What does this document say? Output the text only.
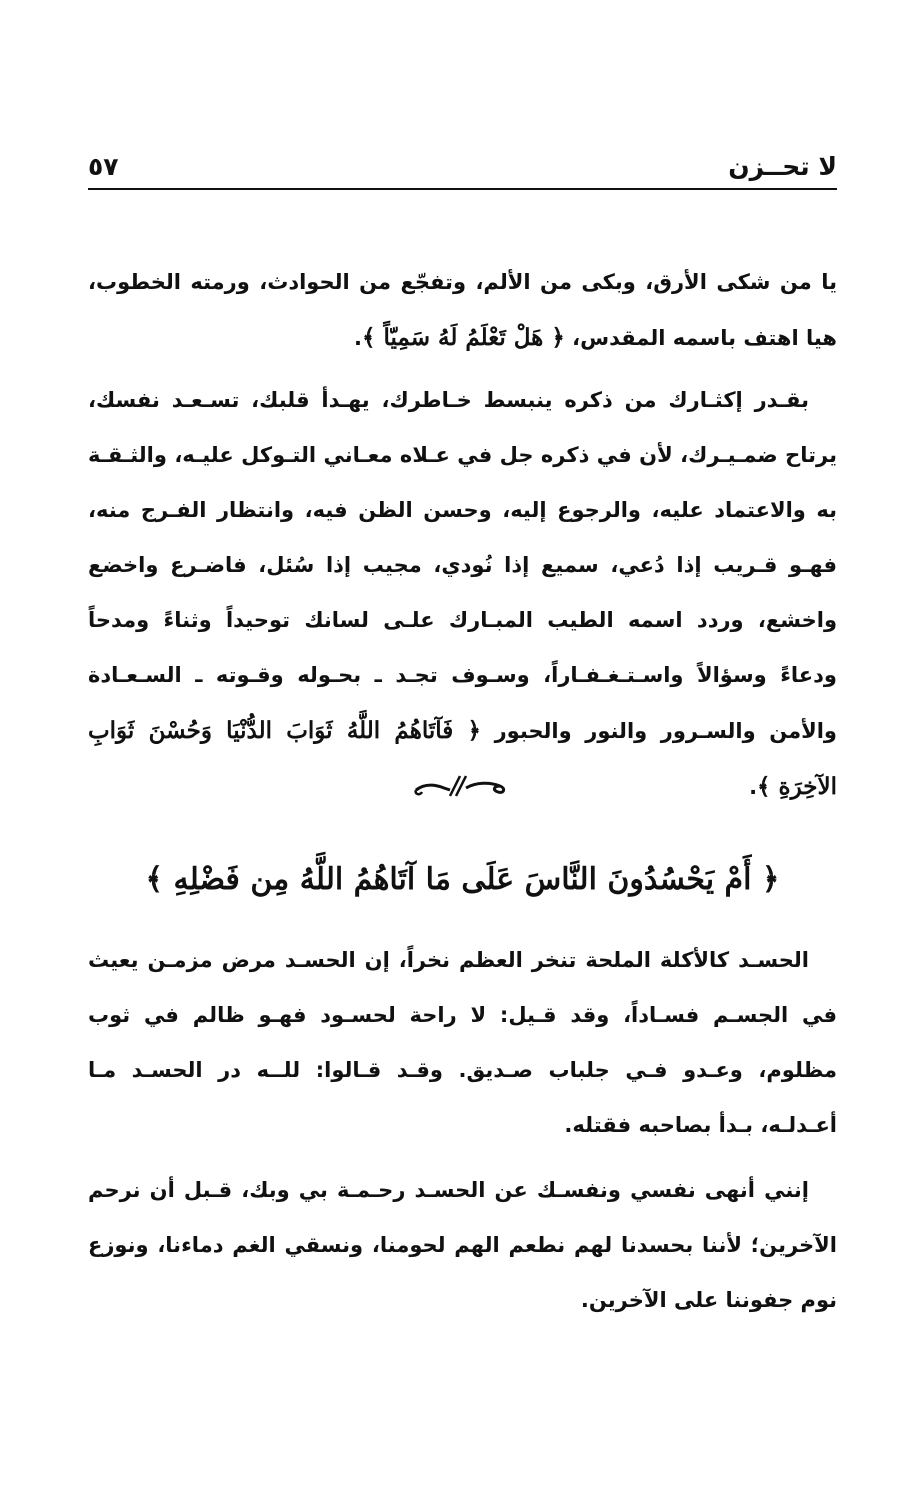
لا تحــزن
٥٧
يا من شكى الأرق، وبكى من الألم، وتفجّع من الحوادث، ورمته الخطوب، هيا اهتف باسمه المقدس، ﴿ هَلْ تَعْلَمُ لَهُ سَمِيّاً ﴾.
بقـدر إكثـارك من ذكره ينبسط خـاطرك، يهـدأ قلبك، تسـعـد نفسك، يرتاح ضمـيـرك، لأن في ذكره جل في عـلاه معـاني التـوكل عليـه، والثـقـة به والاعتماد عليه، والرجوع إليه، وحسن الظن فيه، وانتظار الفـرج منه، فهـو قـريب إذا دُعي، سميع إذا نُودي، مجيب إذا سُئل، فاضـرع واخضع واخشع، وردد اسمه الطيب المبـارك علـى لسانك توحيداً وثناءً ومدحاً ودعاءً وسؤالاً واسـتـغـفـاراً، وسـوف تجـد ـ بحـوله وقـوته ـ السـعـادة والأمن والسـرور والنور والحبور ﴿ فَآتَاهُمُ اللَّهُ ثَوَابَ الدُّنْيَا وَحُسْنَ ثَوَابِ الآخِرَةِ ﴾.
﴿ أَمْ يَحْسُدُونَ النَّاسَ عَلَى مَا آتَاهُمُ اللَّهُ مِن فَضْلِهِ ﴾
الحسـد كالأكلة الملحة تنخر العظم نخراً، إن الحسـد مرض مزمـن يعيث في الجسـم فسـاداً، وقد قـيل: لا راحة لحسـود فهـو ظالم في ثوب مظلوم، وعـدو فـي جلباب صـديق. وقـد قـالوا: للــه در الحسـد مـا أعـدلـه، بـدأ بصاحبه فقتله.
إنني أنهى نفسي ونفسـك عن الحسـد رحـمـة بي وبك، قـبل أن نرحم الآخرين؛ لأننا بحسدنا لهم نطعم الهم لحومنا، ونسقي الغم دماءنا، ونوزع نوم جفوننا على الآخرين.
